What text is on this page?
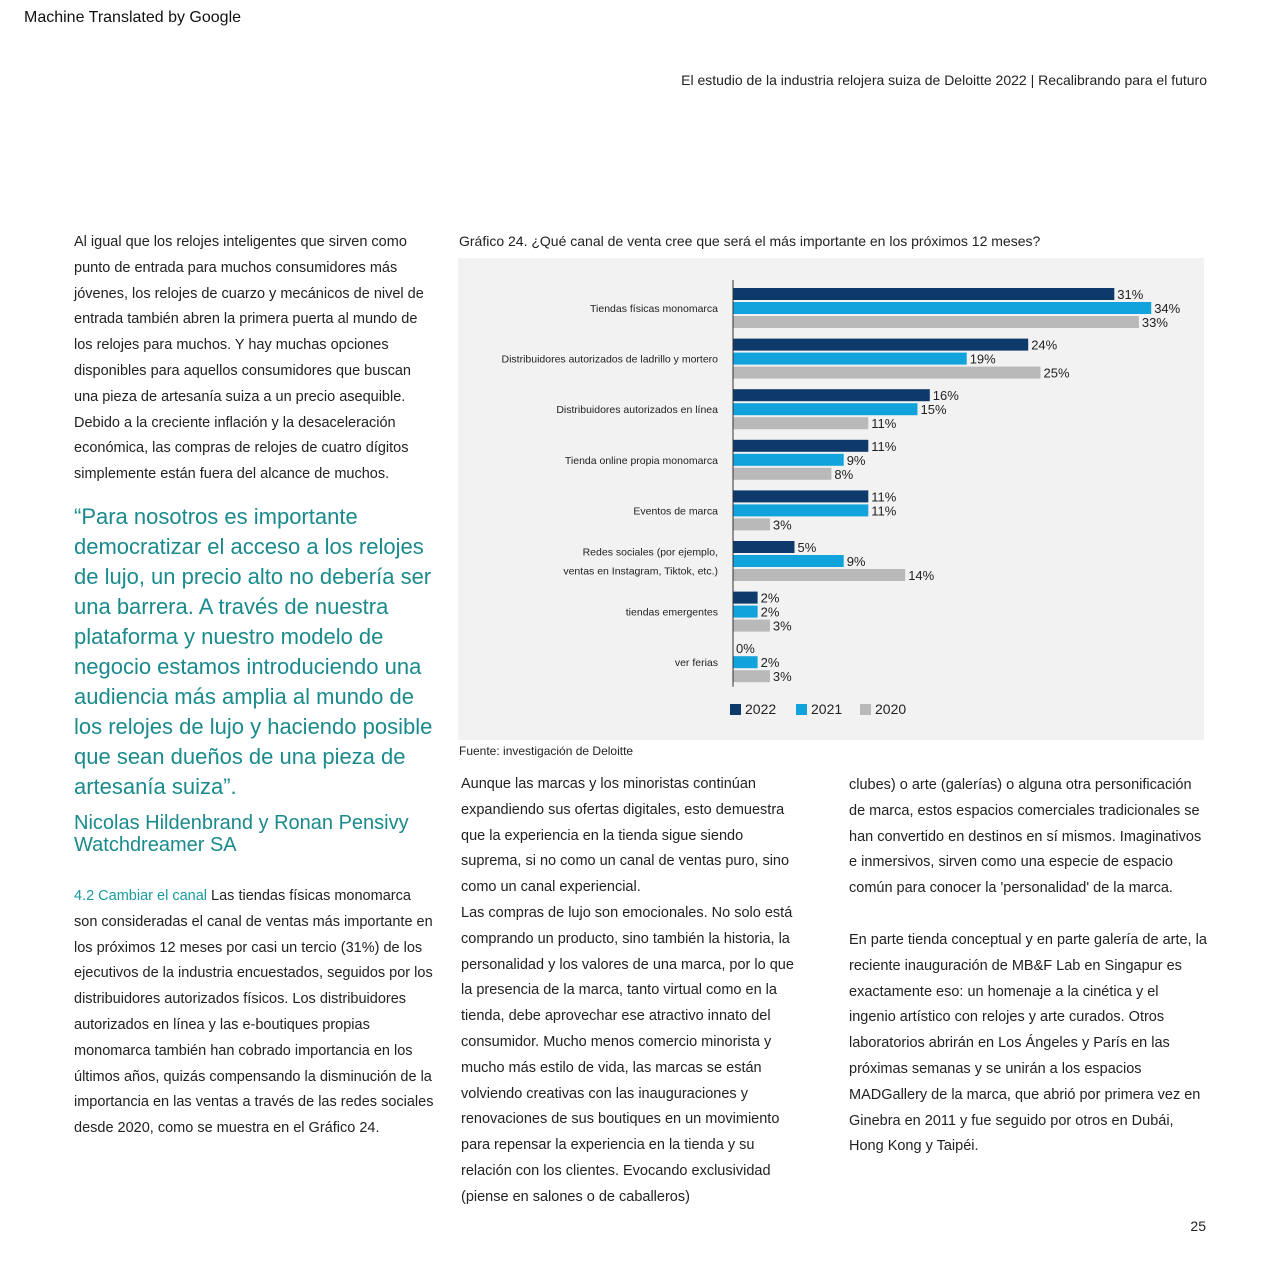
Machine Translated by Google
El estudio de la industria relojera suiza de Deloitte 2022 | Recalibrando para el futuro
Al igual que los relojes inteligentes que sirven como punto de entrada para muchos consumidores más jóvenes, los relojes de cuarzo y mecánicos de nivel de entrada también abren la primera puerta al mundo de los relojes para muchos. Y hay muchas opciones disponibles para aquellos consumidores que buscan una pieza de artesanía suiza a un precio asequible. Debido a la creciente inflación y la desaceleración económica, las compras de relojes de cuatro dígitos simplemente están fuera del alcance de muchos.
“Para nosotros es importante democratizar el acceso a los relojes de lujo, un precio alto no debería ser una barrera. A través de nuestra plataforma y nuestro modelo de negocio estamos introduciendo una audiencia más amplia al mundo de los relojes de lujo y haciendo posible que sean dueños de una pieza de artesanía suiza”.
Nicolas Hildenbrand y Ronan Pensivy
Watchdreamer SA
4.2 Cambiar el canal Las tiendas físicas monomarca son consideradas el canal de ventas más importante en los próximos 12 meses por casi un tercio (31%) de los ejecutivos de la industria encuestados, seguidos por los distribuidores autorizados físicos. Los distribuidores autorizados en línea y las e-boutiques propias monomarca también han cobrado importancia en los últimos años, quizás compensando la disminución de la importancia en las ventas a través de las redes sociales desde 2020, como se muestra en el Gráfico 24.
Gráfico 24. ¿Qué canal de venta cree que será el más importante en los próximos 12 meses?
Tiendas físicas monomarca
31%
34%
33%
Distribuidores autorizados de ladrillo y mortero
24%
19%
25%
Distribuidores autorizados en línea
16%
15%
11%
Tienda online propia monomarca
11%
9%
8%
Eventos de marca
11%
11%
3%
Redes sociales (por ejemplo,
ventas en Instagram, Tiktok, etc.)
5%
9%
14%
tiendas emergentes
2%
2%
3%
ver ferias
0%
2%
3%
2022 2021 2020
Fuente: investigación de Deloitte
Aunque las marcas y los minoristas continúan expandiendo sus ofertas digitales, esto demuestra que la experiencia en la tienda sigue siendo suprema, si no como un canal de ventas puro, sino como un canal experiencial.
Las compras de lujo son emocionales. No solo está comprando un producto, sino también la historia, la personalidad y los valores de una marca, por lo que la presencia de la marca, tanto virtual como en la tienda, debe aprovechar ese atractivo innato del consumidor. Mucho menos comercio minorista y mucho más estilo de vida, las marcas se están volviendo creativas con las inauguraciones y renovaciones de sus boutiques en un movimiento para repensar la experiencia en la tienda y su relación con los clientes. Evocando exclusividad (piense en salones o de caballeros)
clubes) o arte (galerías) o alguna otra personificación de marca, estos espacios comerciales tradicionales se han convertido en destinos en sí mismos. Imaginativos e inmersivos, sirven como una especie de espacio común para conocer la 'personalidad' de la marca.
En parte tienda conceptual y en parte galería de arte, la reciente inauguración de MB&F Lab en Singapur es exactamente eso: un homenaje a la cinética y el ingenio artístico con relojes y arte curados. Otros laboratorios abrirán en Los Ángeles y París en las próximas semanas y se unirán a los espacios MADGallery de la marca, que abrió por primera vez en Ginebra en 2011 y fue seguido por otros en Dubái, Hong Kong y Taipéi.
25
